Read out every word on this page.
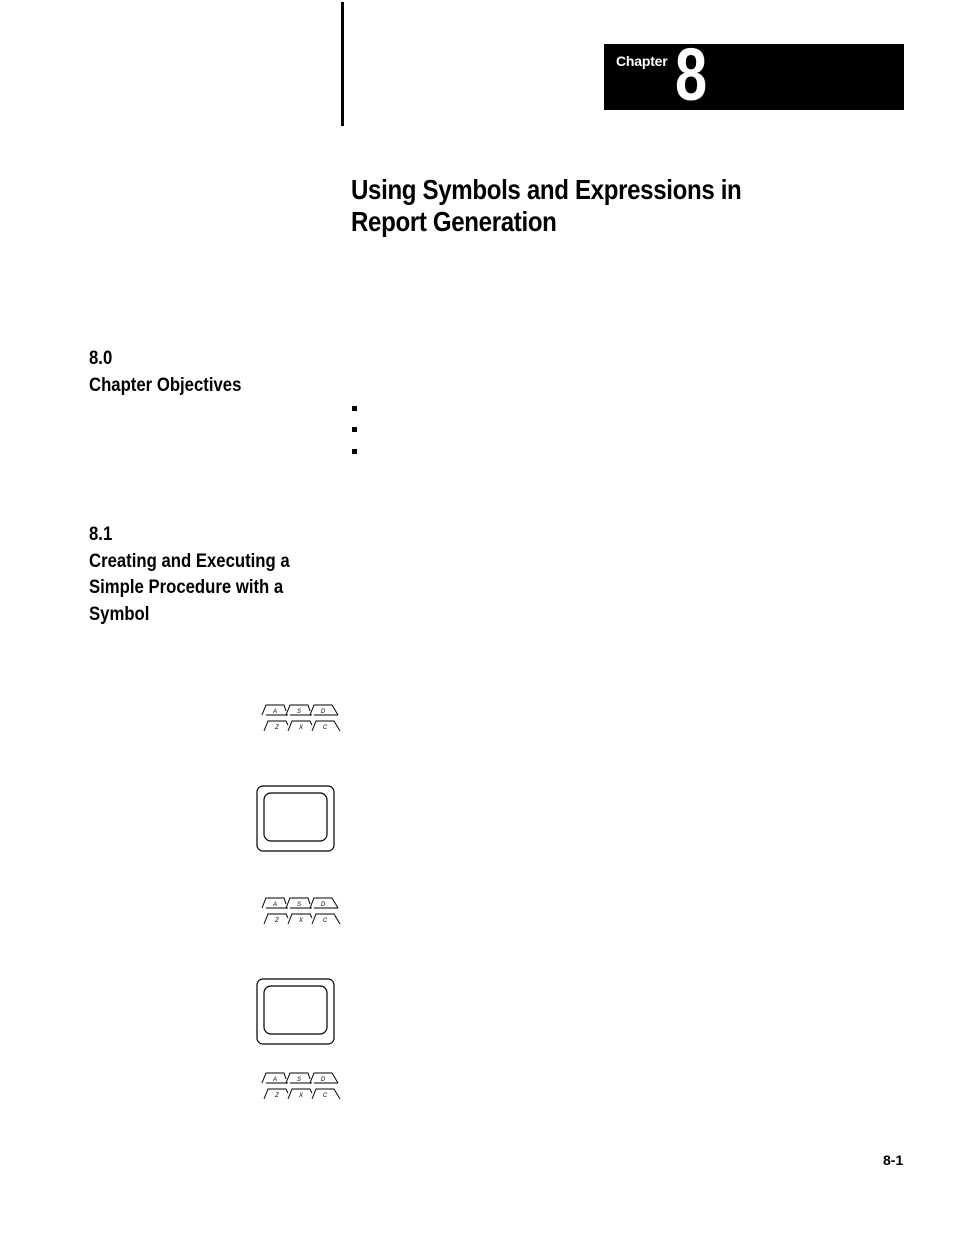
Chapter 8
Using Symbols and Expressions in
Report Generation
8.0
Chapter Objectives
8.1
Creating and Executing a
Simple Procedure with a
Symbol
A	S	D
Z	X	C
A	S	D
Z	X	C
A	S	D
Z	X	C
8-1
